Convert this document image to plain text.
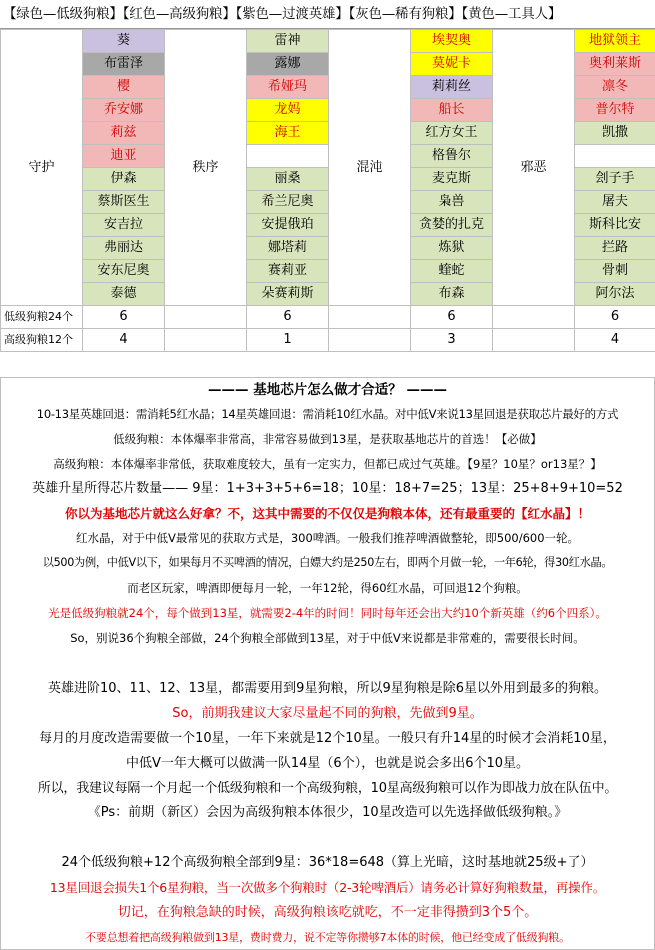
【绿色—低级狗粮】【红色—高级狗粮】【紫色—过渡英雄】【灰色—稀有狗粮】【黄色—工具人】
守护	葵	秩序	雷神	混沌	埃契奥	邪恶	地狱领主
	布雷泽		露娜		莫妮卡		奥利莱斯
	樱		希娅玛		莉莉丝		凛冬
	乔安娜		龙妈		船长		普尔特
	莉兹		海王		红方女王		凯撒
	迪亚				格鲁尔		
	伊森		丽桑		麦克斯		刽子手
	蔡斯医生		希兰尼奥		枭兽		屠夫
	安吉拉		安提俄珀		贪婪的扎克		斯科比安
	弗丽达		娜塔莉		炼狱		拦路
	安东尼奥		赛莉亚		蝰蛇		骨刺
	泰德		朵赛莉斯		布森		阿尔法
低级狗粮24个	6		6		6		6
高级狗粮12个	4		1		3		4
——— 基地芯片怎么做才合适？ ———
10-13星英雄回退：需消耗5红水晶；14星英雄回退：需消耗10红水晶。对中低V来说13星回退是获取芯片最好的方式
低级狗粮：本体爆率非常高，非常容易做到13星，是获取基地芯片的首选！【必做】
高级狗粮：本体爆率非常低，获取难度较大，虽有一定实力，但都已成过气英雄。【9星？10星？or13星？】
英雄升星所得芯片数量—— 9星：1+3+3+5+6=18；10星：18+7=25；13星：25+8+9+10=52
你以为基地芯片就这么好拿？不，这其中需要的不仅仅是狗粮本体，还有最重要的【红水晶】！
红水晶，对于中低V最常见的获取方式是，300啤酒。一般我们推荐啤酒做整轮，即500/600一轮。
以500为例，中低V以下，如果每月不买啤酒的情况，白嫖大约是250左右，即两个月做一轮，一年6轮，得30红水晶。
而老区玩家，啤酒即便每月一轮，一年12轮，得60红水晶，可回退12个狗粮。
光是低级狗粮就24个，每个做到13星，就需要2-4年的时间！同时每年还会出大约10个新英雄（约6个四系）。
So，别说36个狗粮全部做，24个狗粮全部做到13星，对于中低V来说都是非常难的，需要很长时间。
英雄进阶10、11、12、13星，都需要用到9星狗粮，所以9星狗粮是除6星以外用到最多的狗粮。
So，前期我建议大家尽量起不同的狗粮，先做到9星。
每月的月度改造需要做一个10星，一年下来就是12个10星。一般只有升14星的时候才会消耗10星，
中低V一年大概可以做满一队14星（6个），也就是说会多出6个10星。
所以，我建议每隔一个月起一个低级狗粮和一个高级狗粮，10星高级狗粮可以作为即战力放在队伍中。
《Ps：前期（新区）会因为高级狗粮本体很少，10星改造可以先选择做低级狗粮。》
24个低级狗粮+12个高级狗粮全部到9星：36*18=648（算上光暗，这时基地就25级+了）
13星回退会损失1个6星狗粮，当一次做多个狗粮时（2-3轮啤酒后）请务必计算好狗粮数量，再操作。
切记，在狗粮急缺的时候，高级狗粮该吃就吃，不一定非得攒到3个5个。
不要总想着把高级狗粮做到13星，费时费力，说不定等你攒够7本体的时候，他已经变成了低级狗粮。
